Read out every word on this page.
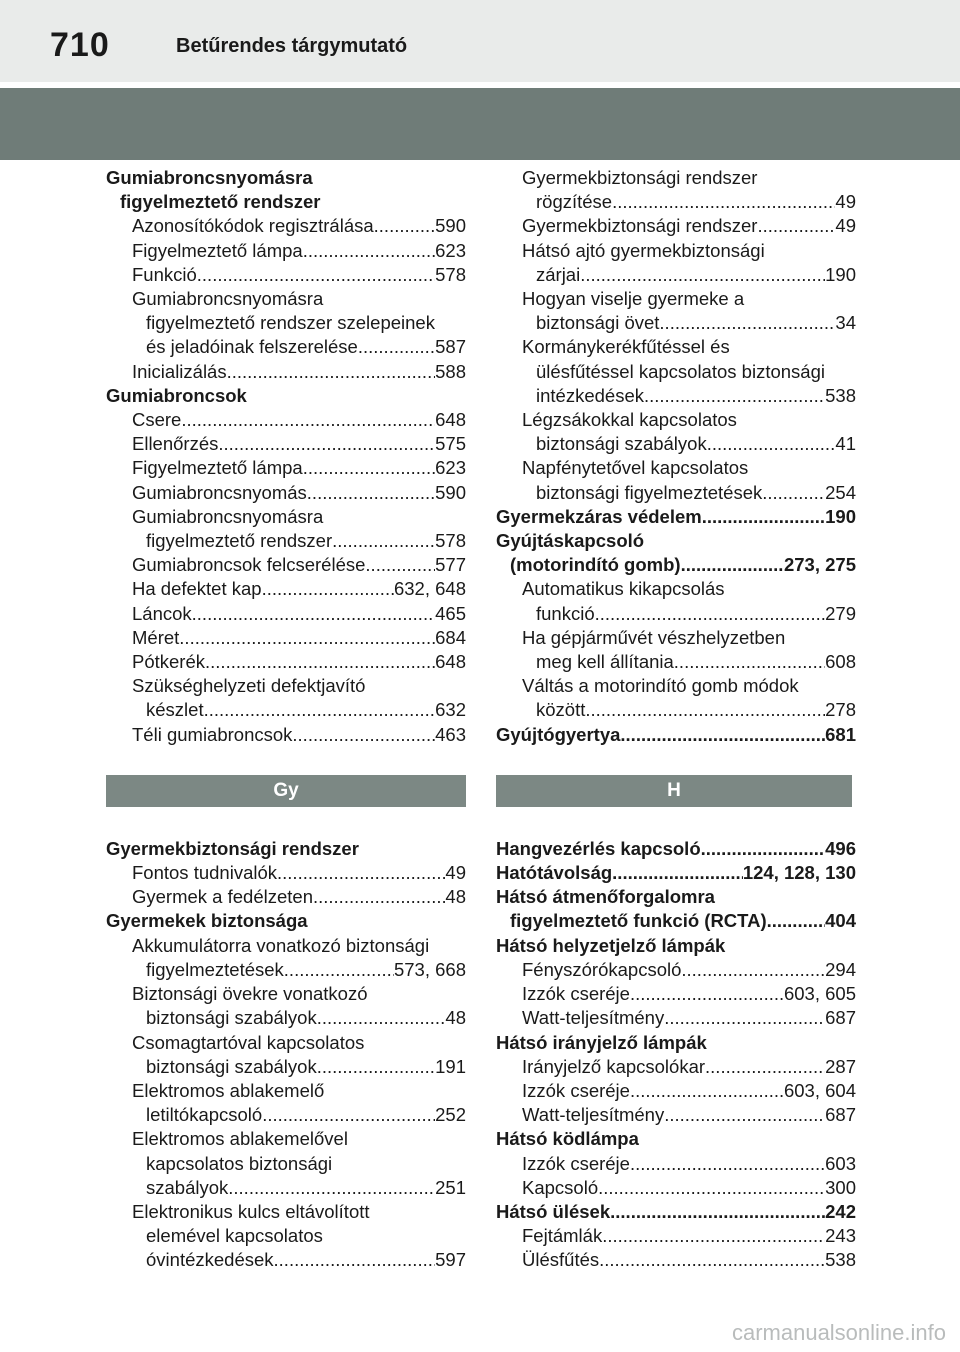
710	Betűrendes tárgymutató
Gumiabroncsnyomásra
figyelmeztető rendszer
Azonosítókódok regisztrálása .....	590
Figyelmeztető lámpa .....	623
Funkció .....	578
Gumiabroncsnyomásra
figyelmeztető rendszer szelepeinek
és jeladóinak felszerelése .....	587
Inicializálás .....	588
Gumiabroncsok
Csere .....	648
Ellenőrzés .....	575
Figyelmeztető lámpa .....	623
Gumiabroncsnyomás .....	590
Gumiabroncsnyomásra
figyelmeztető rendszer .....	578
Gumiabroncsok felcserélése .....	577
Ha defektet kap .....	632, 648
Láncok .....	465
Méret .....	684
Pótkerék .....	648
Szükséghelyzeti defektjavító
készlet .....	632
Téli gumiabroncsok .....	463
Gy
Gyermekbiztonsági rendszer
Fontos tudnivalók .....	49
Gyermek a fedélzeten .....	48
Gyermekek biztonsága
Akkumulátorra vonatkozó biztonsági
figyelmeztetések .....	573, 668
Biztonsági övekre vonatkozó
biztonsági szabályok .....	48
Csomagtartóval kapcsolatos
biztonsági szabályok .....	191
Elektromos ablakemelő
letiltókapcsoló .....	252
Elektromos ablakemelővel
kapcsolatos biztonsági
szabályok .....	251
Elektronikus kulcs eltávolított
elemével kapcsolatos
óvintézkedések .....	597
Gyermekbiztonsági rendszer
rögzítése .....	49
Gyermekbiztonsági rendszer .....	49
Hátsó ajtó gyermekbiztonsági
zárjai .....	190
Hogyan viselje gyermeke a
biztonsági övet .....	34
Kormánykerékfűtéssel és
ülésfűtéssel kapcsolatos biztonsági
intézkedések .....	538
Légzsákokkal kapcsolatos
biztonsági szabályok .....	41
Napfénytetővel kapcsolatos
biztonsági figyelmeztetések .....	254
Gyermekzáras védelem .....	190
Gyújtáskapcsoló
(motorindító gomb) .....	273, 275
Automatikus kikapcsolás
funkció .....	279
Ha gépjárművét vészhelyzetben
meg kell állítania .....	608
Váltás a motorindító gomb módok
között .....	278
Gyújtógyertya .....	681
H
Hangvezérlés kapcsoló .....	496
Hatótávolság .....	124, 128, 130
Hátsó átmenőforgalomra
figyelmeztető funkció (RCTA) .....	404
Hátsó helyzetjelző lámpák
Fényszórókapcsoló .....	294
Izzók cseréje .....	603, 605
Watt-teljesítmény .....	687
Hátsó irányjelző lámpák
Irányjelző kapcsolókar .....	287
Izzók cseréje .....	603, 604
Watt-teljesítmény .....	687
Hátsó ködlámpa
Izzók cseréje .....	603
Kapcsoló .....	300
Hátsó ülések .....	242
Fejtámlák .....	243
Ülésfűtés .....	538
carmanualsonline.info
